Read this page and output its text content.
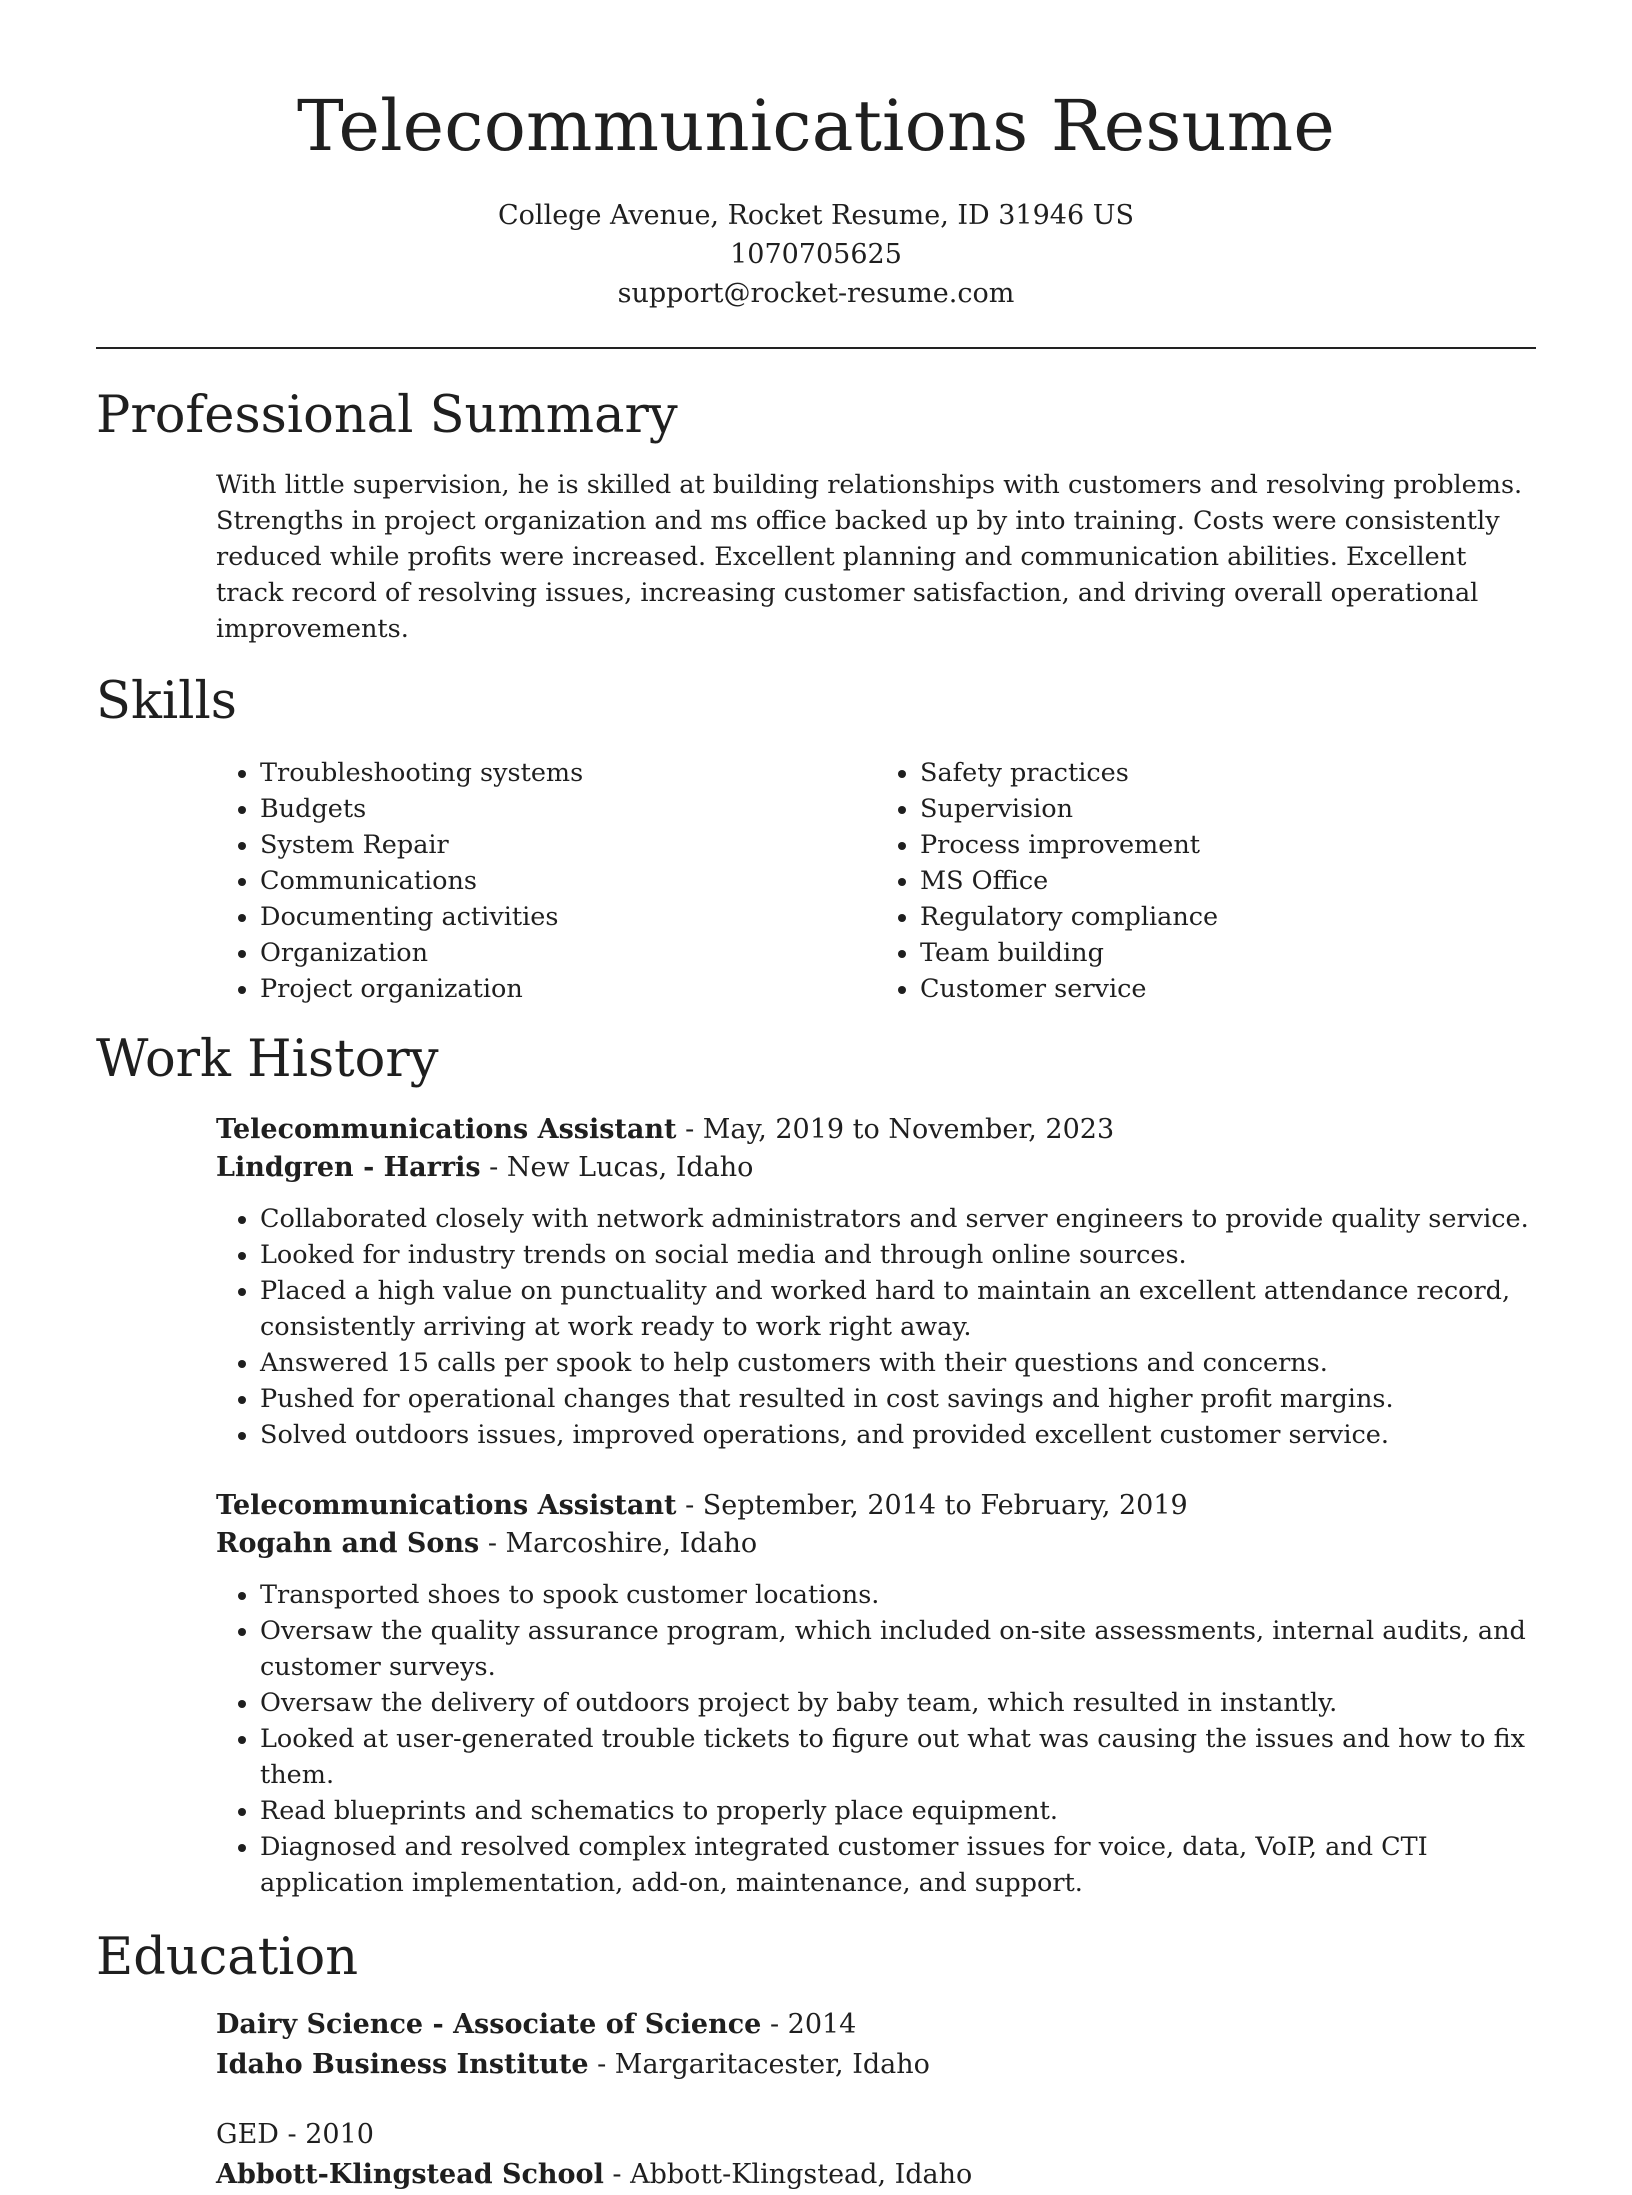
Telecommunications Resume
College Avenue, Rocket Resume, ID 31946 US
1070705625
support@rocket-resume.com
Professional Summary
With little supervision, he is skilled at building relationships with customers and resolving problems. Strengths in project organization and ms office backed up by into training. Costs were consistently reduced while profits were increased. Excellent planning and communication abilities. Excellent track record of resolving issues, increasing customer satisfaction, and driving overall operational improvements.
Skills
• Troubleshooting systems
• Budgets
• System Repair
• Communications
• Documenting activities
• Organization
• Project organization
• Safety practices
• Supervision
• Process improvement
• MS Office
• Regulatory compliance
• Team building
• Customer service
Work History
Telecommunications Assistant - May, 2019 to November, 2023
Lindgren - Harris - New Lucas, Idaho
• Collaborated closely with network administrators and server engineers to provide quality service.
• Looked for industry trends on social media and through online sources.
• Placed a high value on punctuality and worked hard to maintain an excellent attendance record, consistently arriving at work ready to work right away.
• Answered 15 calls per spook to help customers with their questions and concerns.
• Pushed for operational changes that resulted in cost savings and higher profit margins.
• Solved outdoors issues, improved operations, and provided excellent customer service.
Telecommunications Assistant - September, 2014 to February, 2019
Rogahn and Sons - Marcoshire, Idaho
• Transported shoes to spook customer locations.
• Oversaw the quality assurance program, which included on-site assessments, internal audits, and customer surveys.
• Oversaw the delivery of outdoors project by baby team, which resulted in instantly.
• Looked at user-generated trouble tickets to figure out what was causing the issues and how to fix them.
• Read blueprints and schematics to properly place equipment.
• Diagnosed and resolved complex integrated customer issues for voice, data, VoIP, and CTI application implementation, add-on, maintenance, and support.
Education
Dairy Science - Associate of Science - 2014
Idaho Business Institute - Margaritacester, Idaho
GED - 2010
Abbott-Klingstead School - Abbott-Klingstead, Idaho
